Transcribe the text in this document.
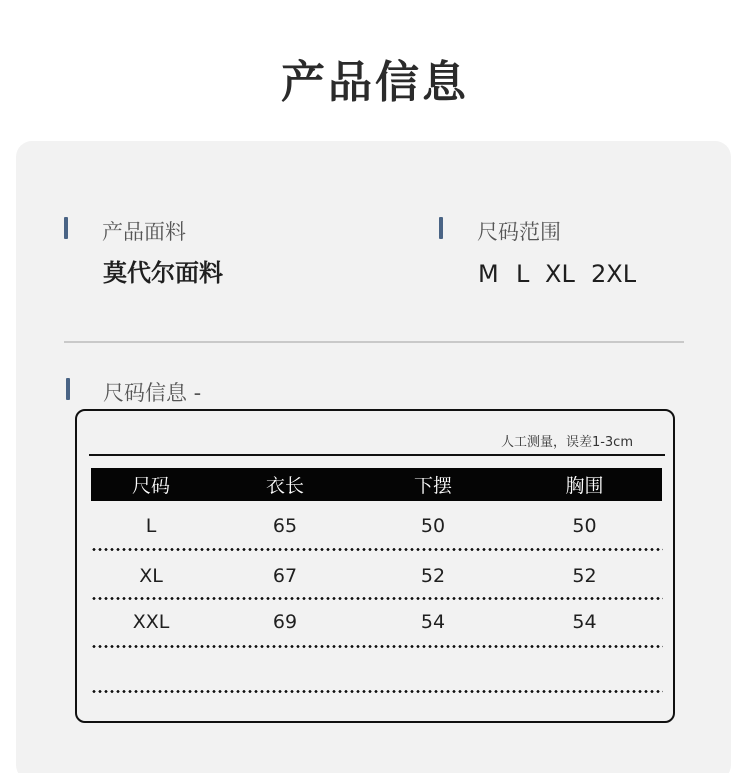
产品信息
产品面料
莫代尔面料
尺码范围
M L XL 2XL
尺码信息 -
人工测量，误差1-3cm
尺码	衣长	下摆	胸围
L	65	50	50
XL	67	52	52
XXL	69	54	54
